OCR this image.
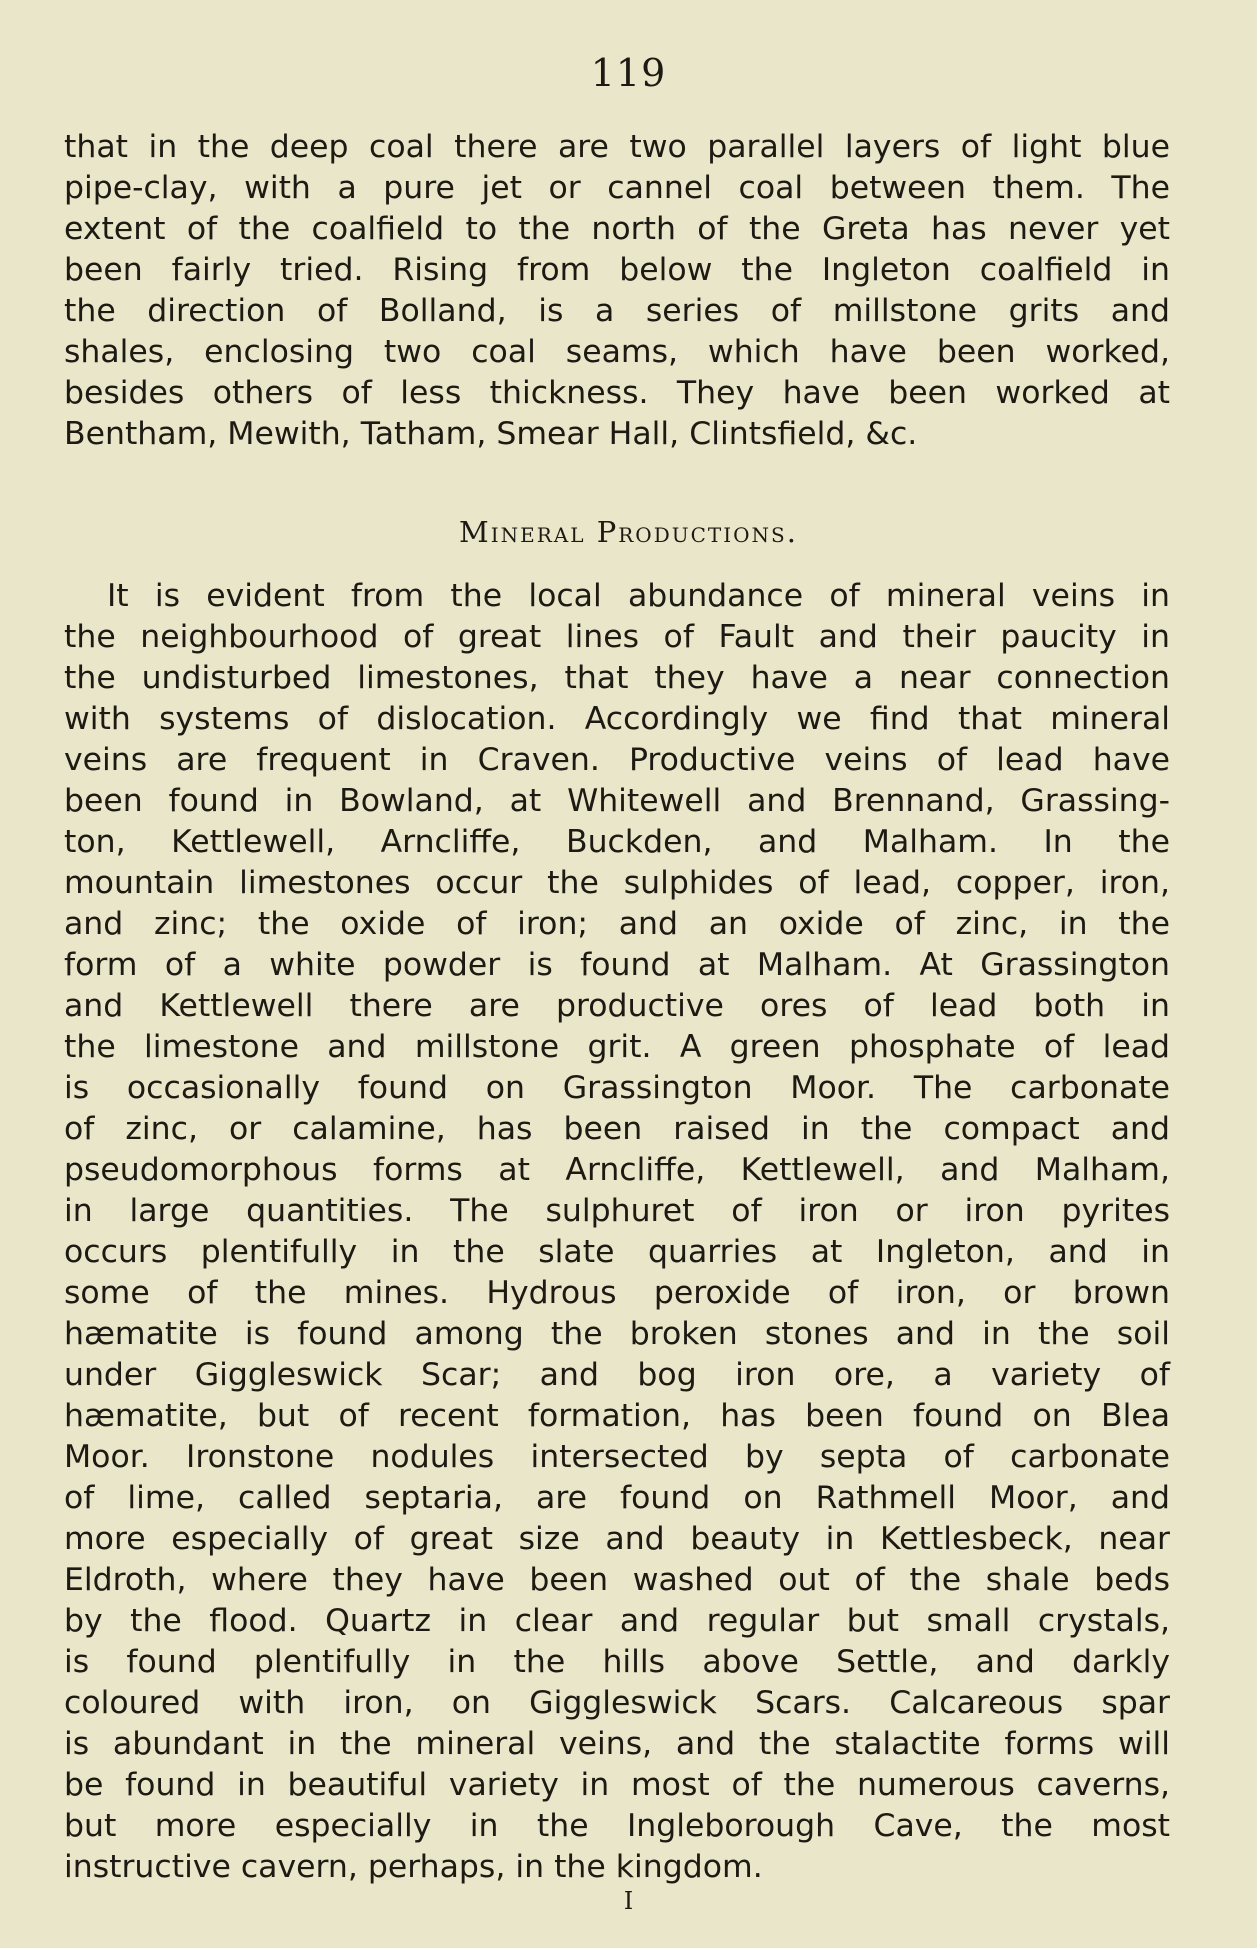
119
that in the deep coal there are two parallel layers of light blue
pipe-clay, with a pure jet or cannel coal between them. The
extent of the coalfield to the north of the Greta has never yet
been fairly tried. Rising from below the Ingleton coalfield in
the direction of Bolland, is a series of millstone grits and
shales, enclosing two coal seams, which have been worked,
besides others of less thickness. They have been worked at
Bentham, Mewith, Tatham, Smear Hall, Clintsfield, &c.
Mineral Productions.
It is evident from the local abundance of mineral veins in
the neighbourhood of great lines of Fault and their paucity in
the undisturbed limestones, that they have a near connection
with systems of dislocation. Accordingly we find that mineral
veins are frequent in Craven. Productive veins of lead have
been found in Bowland, at Whitewell and Brennand, Grassing-
ton, Kettlewell, Arncliffe, Buckden, and Malham. In the
mountain limestones occur the sulphides of lead, copper, iron,
and zinc; the oxide of iron; and an oxide of zinc, in the
form of a white powder is found at Malham. At Grassington
and Kettlewell there are productive ores of lead both in
the limestone and millstone grit. A green phosphate of lead
is occasionally found on Grassington Moor. The carbonate
of zinc, or calamine, has been raised in the compact and
pseudomorphous forms at Arncliffe, Kettlewell, and Malham,
in large quantities. The sulphuret of iron or iron pyrites
occurs plentifully in the slate quarries at Ingleton, and in
some of the mines. Hydrous peroxide of iron, or brown
hæmatite is found among the broken stones and in the soil
under Giggleswick Scar; and bog iron ore, a variety of
hæmatite, but of recent formation, has been found on Blea
Moor. Ironstone nodules intersected by septa of carbonate
of lime, called septaria, are found on Rathmell Moor, and
more especially of great size and beauty in Kettlesbeck, near
Eldroth, where they have been washed out of the shale beds
by the flood. Quartz in clear and regular but small crystals,
is found plentifully in the hills above Settle, and darkly
coloured with iron, on Giggleswick Scars. Calcareous spar
is abundant in the mineral veins, and the stalactite forms will
be found in beautiful variety in most of the numerous caverns,
but more especially in the Ingleborough Cave, the most
instructive cavern, perhaps, in the kingdom.
I
